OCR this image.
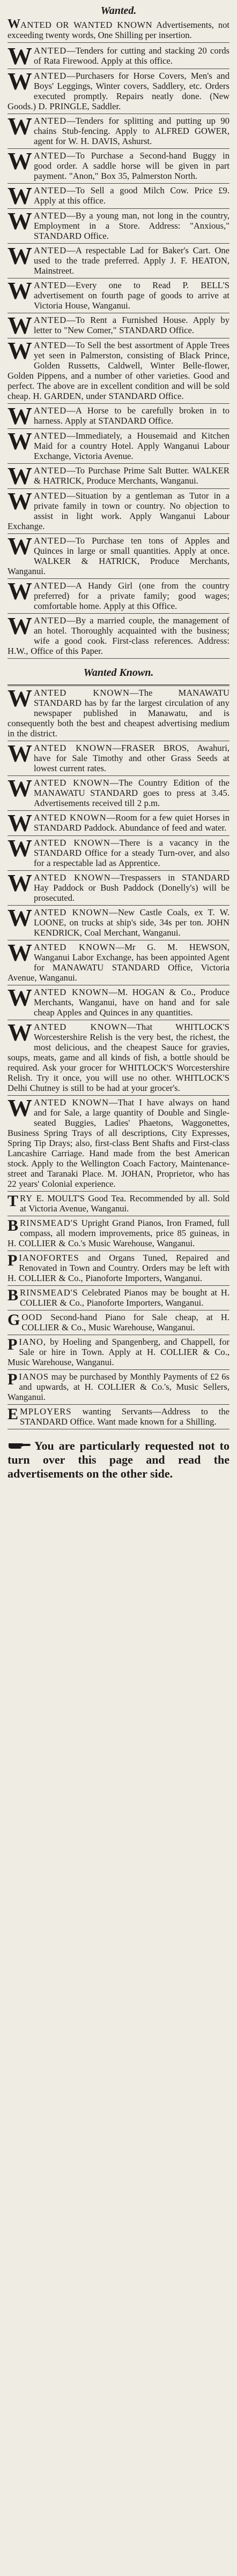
Wanted.
WANTED OR WANTED KNOWN Advertisements, not exceeding twenty words, One Shilling per insertion.
WANTED—Tenders for cutting and stacking 20 cords of Rata Firewood. Apply at this office.
WANTED—Purchasers for Horse Covers, Men's and Boys' Leggings, Winter covers, Saddlery, etc. Orders executed promptly. Repairs neatly done. (New Goods.) D. PRINGLE, Saddler.
WANTED—Tenders for splitting and putting up 90 chains Stub-fencing. Apply to ALFRED GOWER, agent for W. H. DAVIS, Ashurst.
WANTED—To Purchase a Second-hand Buggy in good order. A saddle horse will be given in part payment. "Anon," Box 35, Palmerston North.
WANTED—To Sell a good Milch Cow. Price £9. Apply at this office.
WANTED—By a young man, not long in the country, Employment in a Store. Address: "Anxious," STANDARD Office.
WANTED—A respectable Lad for Baker's Cart. One used to the trade preferred. Apply J. F. HEATON, Mainstreet.
WANTED—Every one to Read P. BELL'S advertisement on fourth page of goods to arrive at Victoria House, Wanganui.
WANTED—To Rent a Furnished House. Apply by letter to "New Comer," STANDARD Office.
WANTED—To Sell the best assortment of Apple Trees yet seen in Palmerston, consisting of Black Prince, Golden Russetts, Caldwell, Winter Belle-flower, Golden Pippens, and a number of other varieties. Good and perfect. The above are in excellent condition and will be sold cheap. H. GARDEN, under STANDARD Office.
WANTED—A Horse to be carefully broken in to harness. Apply at STANDARD Office.
WANTED—Immediately, a Housemaid and Kitchen Maid for a country Hotel. Apply Wanganui Labour Exchange, Victoria Avenue.
WANTED—To Purchase Prime Salt Butter. WALKER & HATRICK, Produce Merchants, Wanganui.
WANTED—Situation by a gentleman as Tutor in a private family in town or country. No objection to assist in light work. Apply Wanganui Labour Exchange.
WANTED—To Purchase ten tons of Apples and Quinces in large or small quantities. Apply at once. WALKER & HATRICK, Produce Merchants, Wanganui.
WANTED—A Handy Girl (one from the country preferred) for a private family; good wages; comfortable home. Apply at this Office.
WANTED—By a married couple, the management of an hotel. Thoroughly acquainted with the business; wife a good cook. First-class references. Address: H.W., Office of this Paper.
Wanted Known.
WANTED KNOWN—The MANAWATU STANDARD has by far the largest circulation of any newspaper published in Manawatu, and is consequently both the best and cheapest advertising medium in the district.
WANTED KNOWN—FRASER BROS, Awahuri, have for Sale Timothy and other Grass Seeds at lowest current rates.
WANTED KNOWN—The Country Edition of the MANAWATU STANDARD goes to press at 3.45. Advertisements received till 2 p.m.
WANTED KNOWN—Room for a few quiet Horses in STANDARD Paddock. Abundance of feed and water.
WANTED KNOWN—There is a vacancy in the STANDARD Office for a steady Turn-over, and also for a respectable lad as Apprentice.
WANTED KNOWN—Trespassers in STANDARD Hay Paddock or Bush Paddock (Donelly's) will be prosecuted.
WANTED KNOWN—New Castle Coals, ex T. W. LOONE, on trucks at ship's side, 34s per ton. JOHN KENDRICK, Coal Merchant, Wanganui.
WANTED KNOWN—Mr G. M. HEWSON, Wanganui Labor Exchange, has been appointed Agent for MANAWATU STANDARD Office, Victoria Avenue, Wanganui.
WANTED KNOWN—M. HOGAN & Co., Produce Merchants, Wanganui, have on hand and for sale cheap Apples and Quinces in any quantities.
WANTED KNOWN—That WHITLOCK'S Worcestershire Relish is the very best, the richest, the most delicious, and the cheapest Sauce for gravies, soups, meats, game and all kinds of fish, a bottle should be required. Ask your grocer for WHITLOCK'S Worcestershire Relish. Try it once, you will use no other. WHITLOCK'S Delhi Chutney is still to be had at your grocer's.
WANTED KNOWN—That I have always on hand and for Sale, a large quantity of Double and Single-seated Buggies, Ladies' Phaetons, Waggonettes, Business Spring Trays of all descriptions, City Expresses, Spring Tip Drays; also, first-class Bent Shafts and First-class Lancashire Carriage. Hand made from the best American stock. Apply to the Wellington Coach Factory, Maintenance-street and Taranaki Place. M. JOHAN, Proprietor, who has 22 years' Colonial experience.
TRY E. MOULT'S Good Tea. Recommended by all. Sold at Victoria Avenue, Wanganui.
BRINSMEAD'S Upright Grand Pianos, Iron Framed, full compass, all modern improvements, price 85 guineas, in H. COLLIER & Co.'s Music Warehouse, Wanganui.
PIANOFORTES and Organs Tuned, Repaired and Renovated in Town and Country. Orders may be left with H. COLLIER & Co., Pianoforte Importers, Wanganui.
BRINSMEAD'S Celebrated Pianos may be bought at H. COLLIER & Co., Pianoforte Importers, Wanganui.
GOOD Second-hand Piano for Sale cheap, at H. COLLIER & Co., Music Warehouse, Wanganui.
PIANO, by Hoeling and Spangenberg, and Chappell, for Sale or hire in Town. Apply at H. COLLIER & Co., Music Warehouse, Wanganui.
PIANOS may be purchased by Monthly Payments of £2 6s and upwards, at H. COLLIER & Co.'s, Music Sellers, Wanganui.
EMPLOYERS wanting Servants—Address to the STANDARD Office. Want made known for a Shilling.
You are particularly requested not to turn over this page and read the advertisements on the other side.
